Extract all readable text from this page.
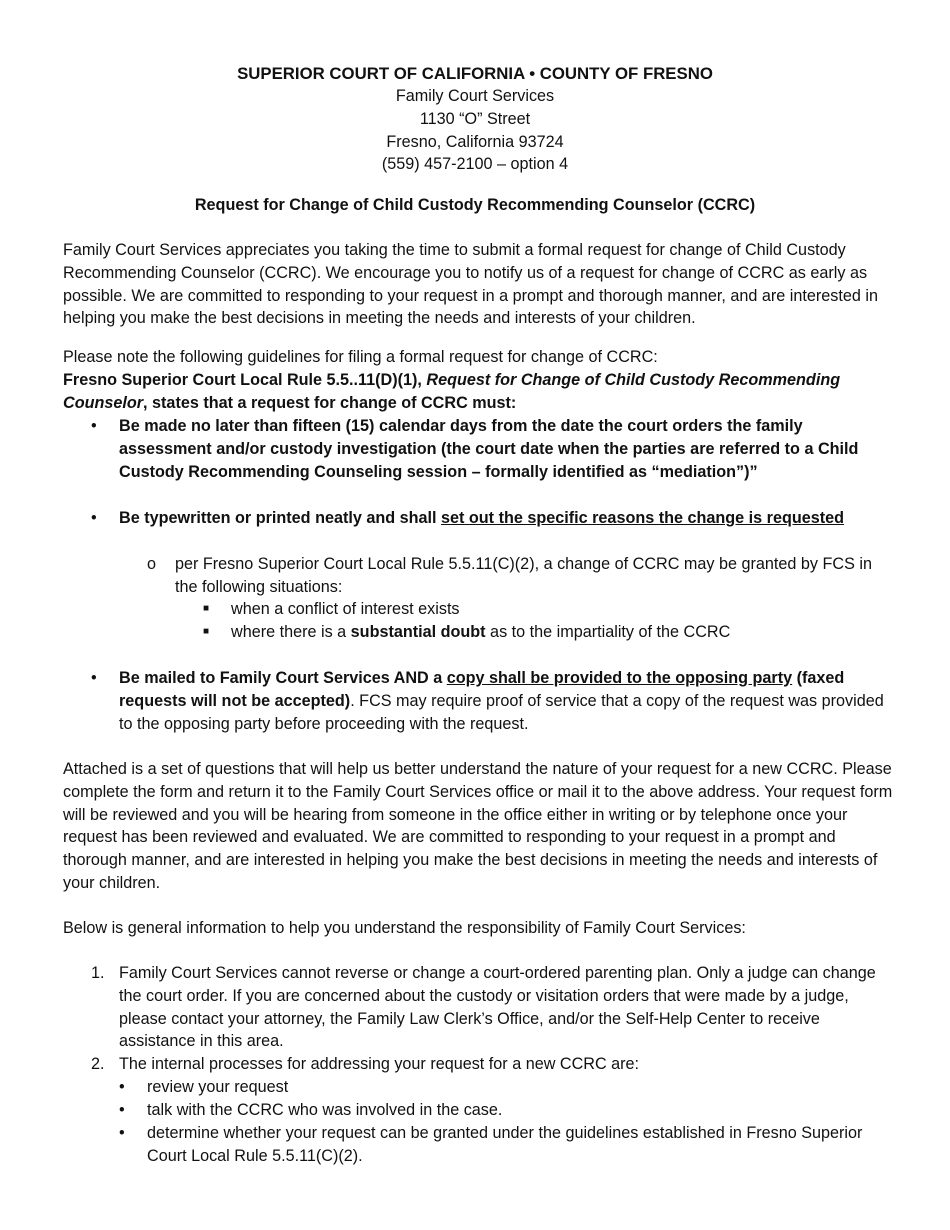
SUPERIOR COURT OF CALIFORNIA • COUNTY OF FRESNO
Family Court Services
1130 “O” Street
Fresno, California 93724
(559) 457-2100 – option 4
Request for Change of Child Custody Recommending Counselor (CCRC)

Family Court Services appreciates you taking the time to submit a formal request for change of Child Custody Recommending Counselor (CCRC). We encourage you to notify us of a request for change of CCRC as early as possible. We are committed to responding to your request in a prompt and thorough manner, and are interested in helping you make the best decisions in meeting the needs and interests of your children.

Please note the following guidelines for filing a formal request for change of CCRC:
Fresno Superior Court Local Rule 5.5..11(D)(1), Request for Change of Child Custody Recommending Counselor, states that a request for change of CCRC must:
• Be made no later than fifteen (15) calendar days from the date the court orders the family assessment and/or custody investigation (the court date when the parties are referred to a Child Custody Recommending Counseling session – formally identified as “mediation”)”
• Be typewritten or printed neatly and shall set out the specific reasons the change is requested
o per Fresno Superior Court Local Rule 5.5.11(C)(2), a change of CCRC may be granted by FCS in the following situations:
■ when a conflict of interest exists
■ where there is a substantial doubt as to the impartiality of the CCRC
• Be mailed to Family Court Services AND a copy shall be provided to the opposing party (faxed requests will not be accepted). FCS may require proof of service that a copy of the request was provided to the opposing party before proceeding with the request.

Attached is a set of questions that will help us better understand the nature of your request for a new CCRC. Please complete the form and return it to the Family Court Services office or mail it to the above address. Your request form will be reviewed and you will be hearing from someone in the office either in writing or by telephone once your request has been reviewed and evaluated. We are committed to responding to your request in a prompt and thorough manner, and are interested in helping you make the best decisions in meeting the needs and interests of your children.

Below is general information to help you understand the responsibility of Family Court Services:

1. Family Court Services cannot reverse or change a court-ordered parenting plan. Only a judge can change the court order. If you are concerned about the custody or visitation orders that were made by a judge, please contact your attorney, the Family Law Clerk’s Office, and/or the Self-Help Center to receive assistance in this area.
2. The internal processes for addressing your request for a new CCRC are:
• review your request
• talk with the CCRC who was involved in the case.
• determine whether your request can be granted under the guidelines established in Fresno Superior Court Local Rule 5.5.11(C)(2).
